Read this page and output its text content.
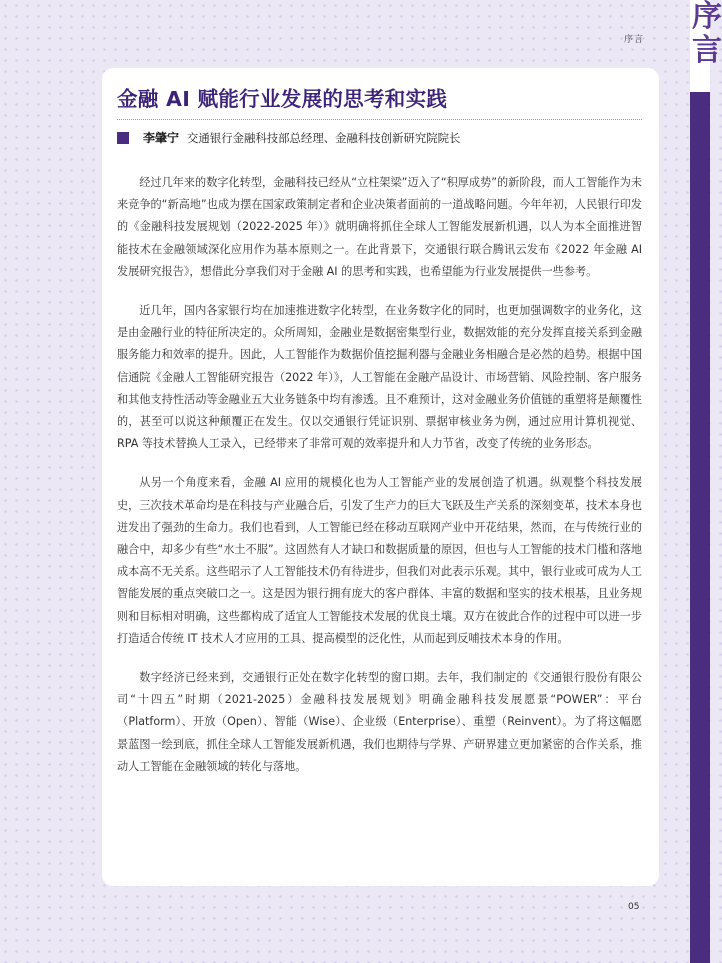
序
言
序言
金融 AI 赋能行业发展的思考和实践
李肇宁 交通银行金融科技部总经理、金融科技创新研究院院长

经过几年来的数字化转型，金融科技已经从“立柱架梁”迈入了“积厚成势”的新阶段，而人工智能作为未来竞争的“新高地”也成为摆在国家政策制定者和企业决策者面前的一道战略问题。今年年初，人民银行印发的《金融科技发展规划（2022-2025 年）》就明确将抓住全球人工智能发展新机遇，以人为本全面推进智能技术在金融领域深化应用作为基本原则之一。在此背景下，交通银行联合腾讯云发布《2022 年金融 AI 发展研究报告》，想借此分享我们对于金融 AI 的思考和实践，也希望能为行业发展提供一些参考。

近几年，国内各家银行均在加速推进数字化转型，在业务数字化的同时，也更加强调数字的业务化，这是由金融行业的特征所决定的。众所周知，金融业是数据密集型行业，数据效能的充分发挥直接关系到金融服务能力和效率的提升。因此，人工智能作为数据价值挖掘利器与金融业务相融合是必然的趋势。根据中国信通院《金融人工智能研究报告（2022 年）》，人工智能在金融产品设计、市场营销、风险控制、客户服务和其他支持性活动等金融业五大业务链条中均有渗透。且不难预计，这对金融业务价值链的重塑将是颠覆性的，甚至可以说这种颠覆正在发生。仅以交通银行凭证识别、票据审核业务为例，通过应用计算机视觉、RPA 等技术替换人工录入，已经带来了非常可观的效率提升和人力节省，改变了传统的业务形态。

从另一个角度来看，金融 AI 应用的规模化也为人工智能产业的发展创造了机遇。纵观整个科技发展史，三次技术革命均是在科技与产业融合后，引发了生产力的巨大飞跃及生产关系的深刻变革，技术本身也迸发出了强劲的生命力。我们也看到，人工智能已经在移动互联网产业中开花结果，然而，在与传统行业的融合中，却多少有些“水土不服”。这固然有人才缺口和数据质量的原因，但也与人工智能的技术门槛和落地成本高不无关系。这些昭示了人工智能技术仍有待进步，但我们对此表示乐观。其中，银行业或可成为人工智能发展的重点突破口之一。这是因为银行拥有庞大的客户群体、丰富的数据和坚实的技术根基，且业务规则和目标相对明确，这些都构成了适宜人工智能技术发展的优良土壤。双方在彼此合作的过程中可以进一步打造适合传统 IT 技术人才应用的工具、提高模型的泛化性，从而起到反哺技术本身的作用。

数字经济已经来到，交通银行正处在数字化转型的窗口期。去年，我们制定的《交通银行股份有限公司“十四五”时期（2021-2025）金融科技发展规划》明确金融科技发展愿景“POWER”：平台（Platform）、开放（Open）、智能（Wise）、企业级（Enterprise）、重塑（Reinvent）。为了将这幅愿景蓝图一绘到底，抓住全球人工智能发展新机遇，我们也期待与学界、产研界建立更加紧密的合作关系，推动人工智能在金融领域的转化与落地。

05
